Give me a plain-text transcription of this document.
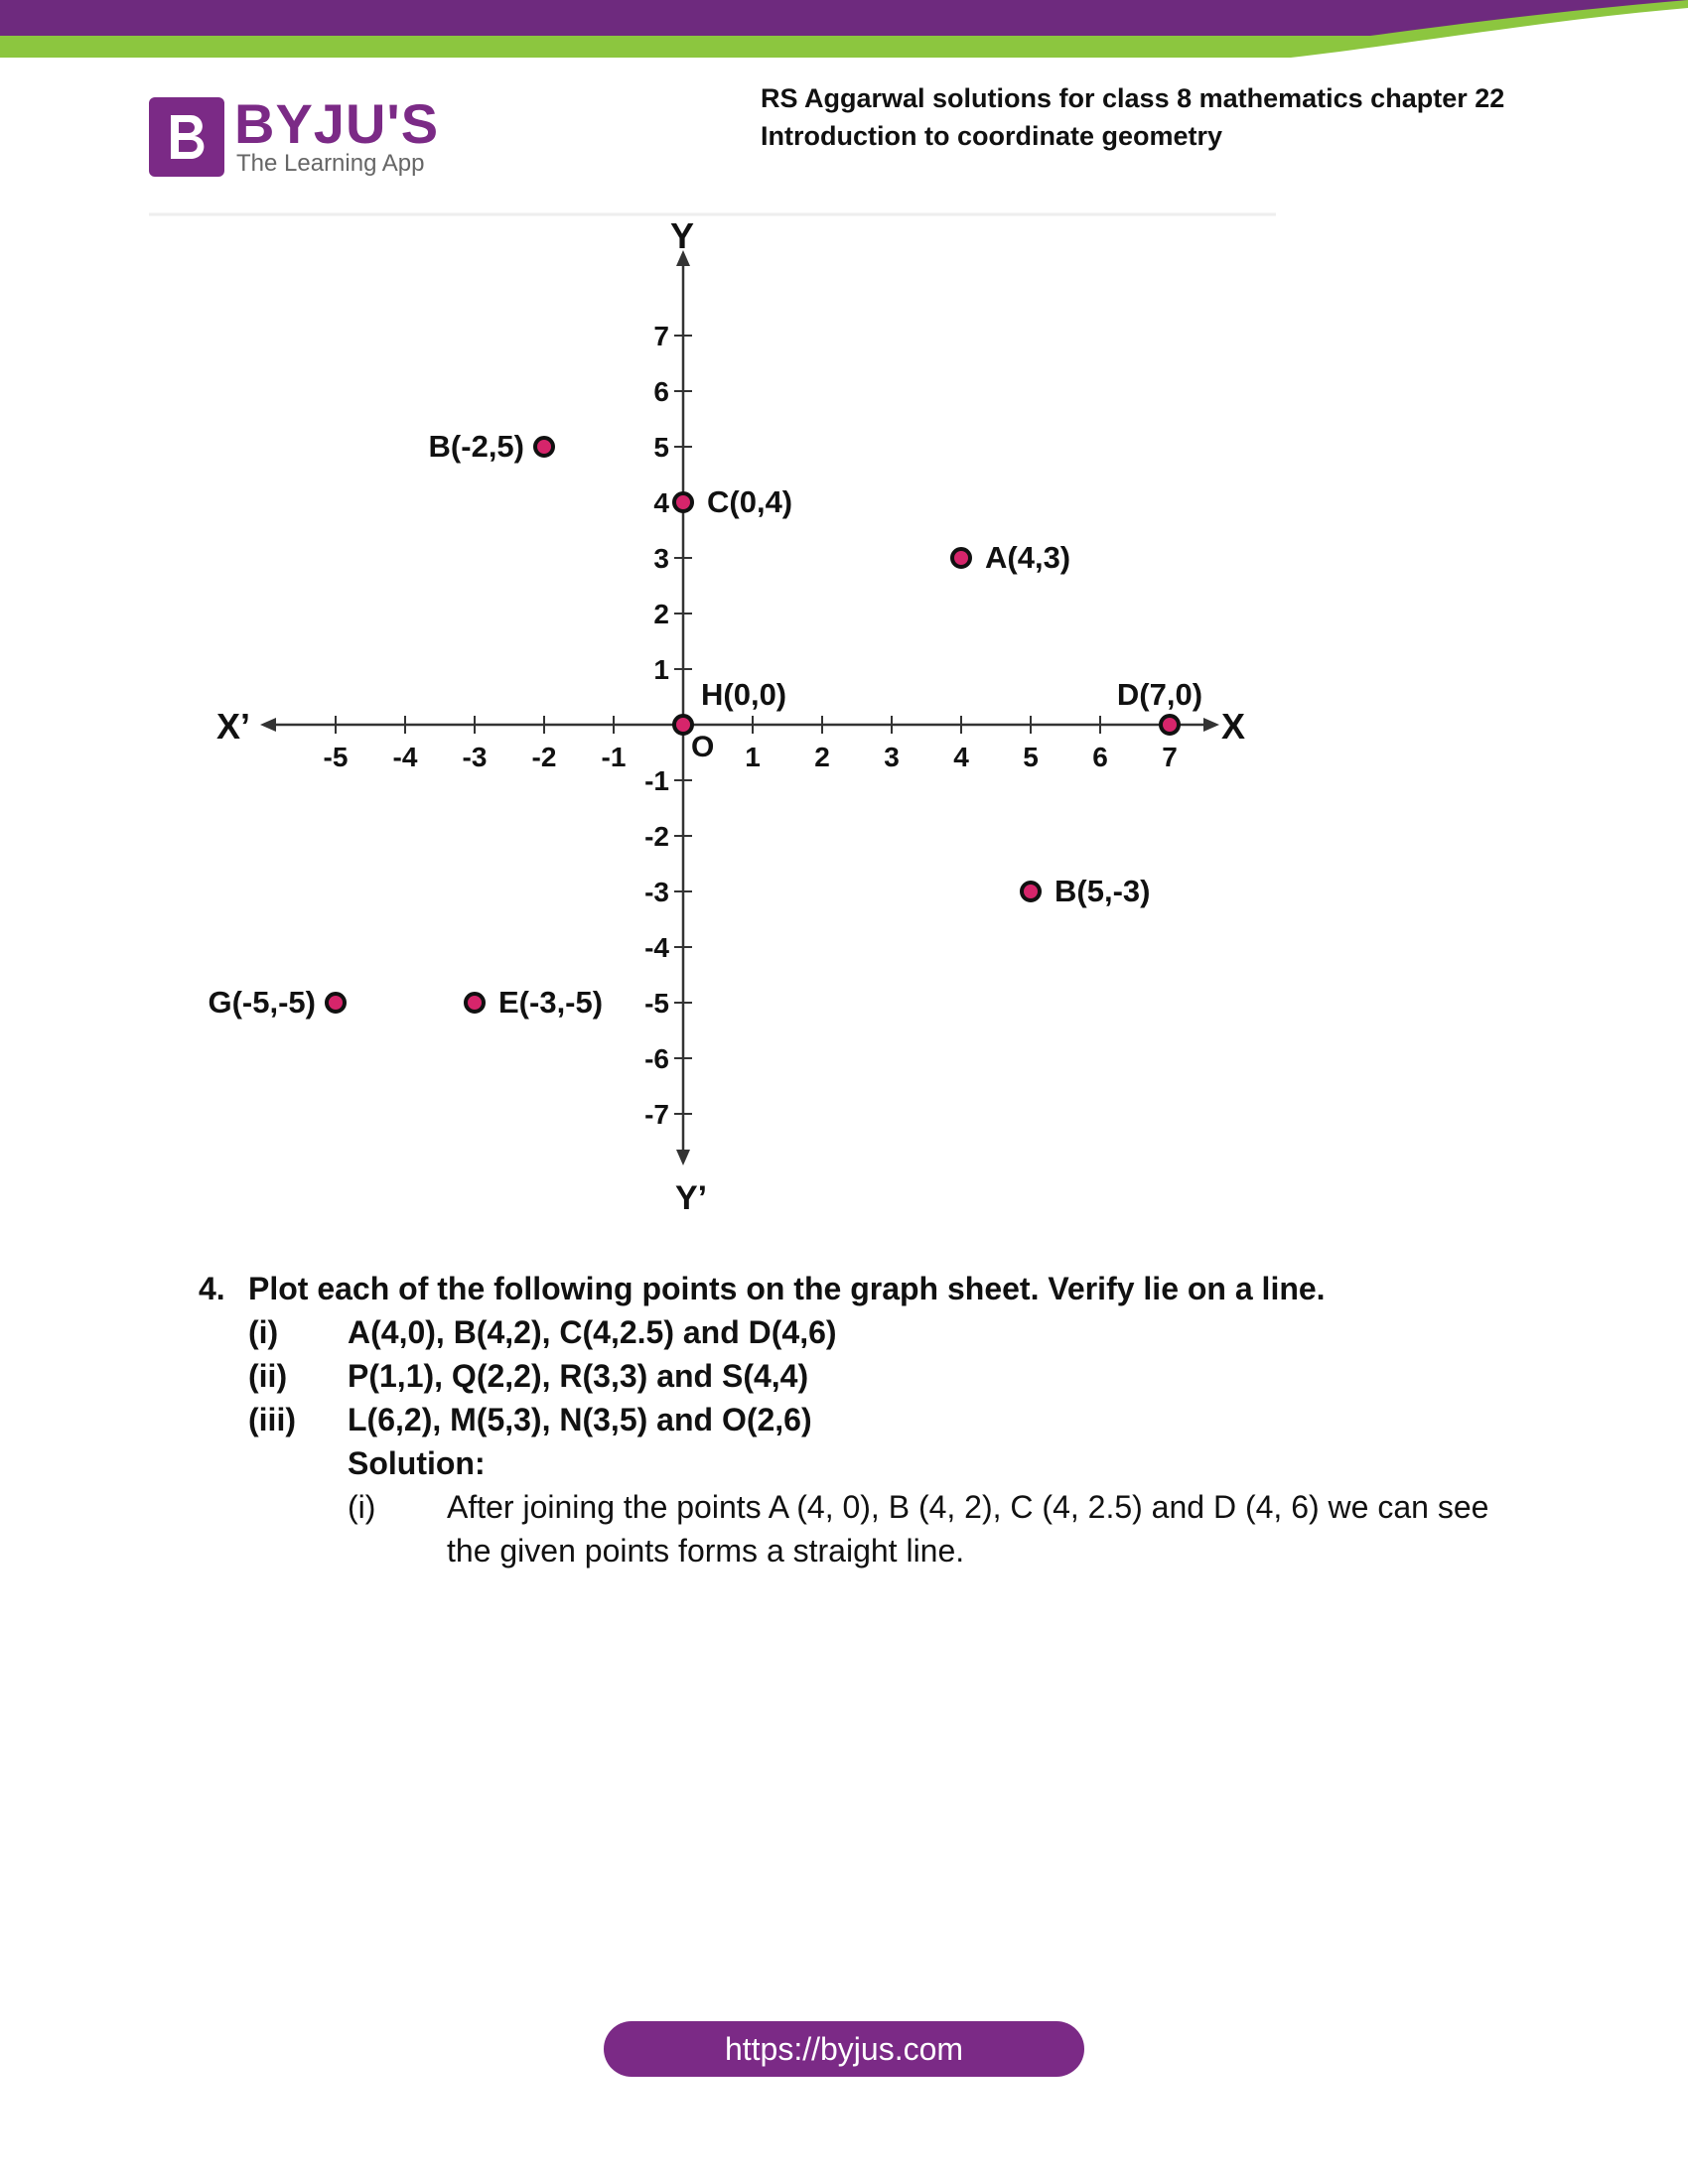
BYJU'S
The Learning App
RS Aggarwal solutions for class 8 mathematics chapter 22
Introduction to coordinate geometry
Y
Y’
X’	X
O
-5 -4 -3 -2 -1	1 2 3 4 5 6 7
7
6
5
4
3
2
1
-1
-2
-3
-4
-5
-6
-7
A(4,3)
B(-2,5)
C(0,4)
D(7,0)
H(0,0)
B(5,-3)
E(-3,-5)
G(-5,-5)
4. Plot each of the following points on the graph sheet. Verify lie on a line.
(i)	A(4,0), B(4,2), C(4,2.5) and D(4,6)
(ii)	P(1,1), Q(2,2), R(3,3) and S(4,4)
(iii)	L(6,2), M(5,3), N(3,5) and O(2,6)
Solution:
(i)	After joining the points A (4, 0), B (4, 2), C (4, 2.5) and D (4, 6) we can see the given points forms a straight line.
https://byjus.com
